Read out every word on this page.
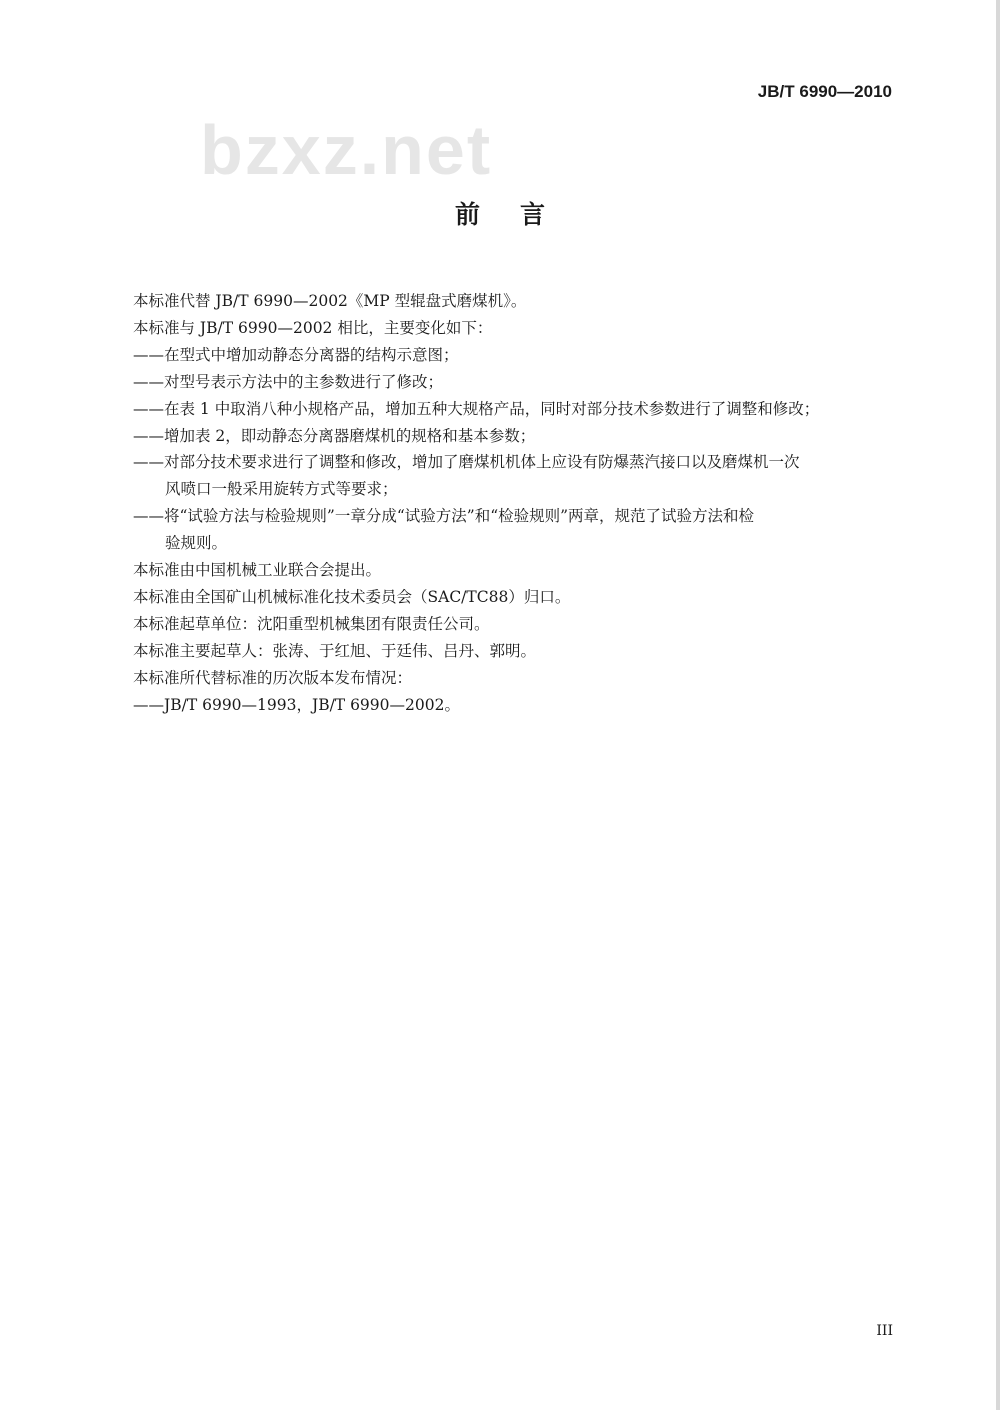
JB/T 6990—2010
bzxz.net
前言
本标准代替 JB/T 6990—2002《MP 型辊盘式磨煤机》。
本标准与 JB/T 6990—2002 相比，主要变化如下：
——在型式中增加动静态分离器的结构示意图；
——对型号表示方法中的主参数进行了修改；
——在表 1 中取消八种小规格产品，增加五种大规格产品，同时对部分技术参数进行了调整和修改；
——增加表 2，即动静态分离器磨煤机的规格和基本参数；
——对部分技术要求进行了调整和修改，增加了磨煤机机体上应设有防爆蒸汽接口以及磨煤机一次
风喷口一般采用旋转方式等要求；
——将“试验方法与检验规则”一章分成“试验方法”和“检验规则”两章，规范了试验方法和检
验规则。
本标准由中国机械工业联合会提出。
本标准由全国矿山机械标准化技术委员会（SAC/TC88）归口。
本标准起草单位：沈阳重型机械集团有限责任公司。
本标准主要起草人：张涛、于红旭、于廷伟、吕丹、郭明。
本标准所代替标准的历次版本发布情况：
——JB/T 6990—1993，JB/T 6990—2002。
III
